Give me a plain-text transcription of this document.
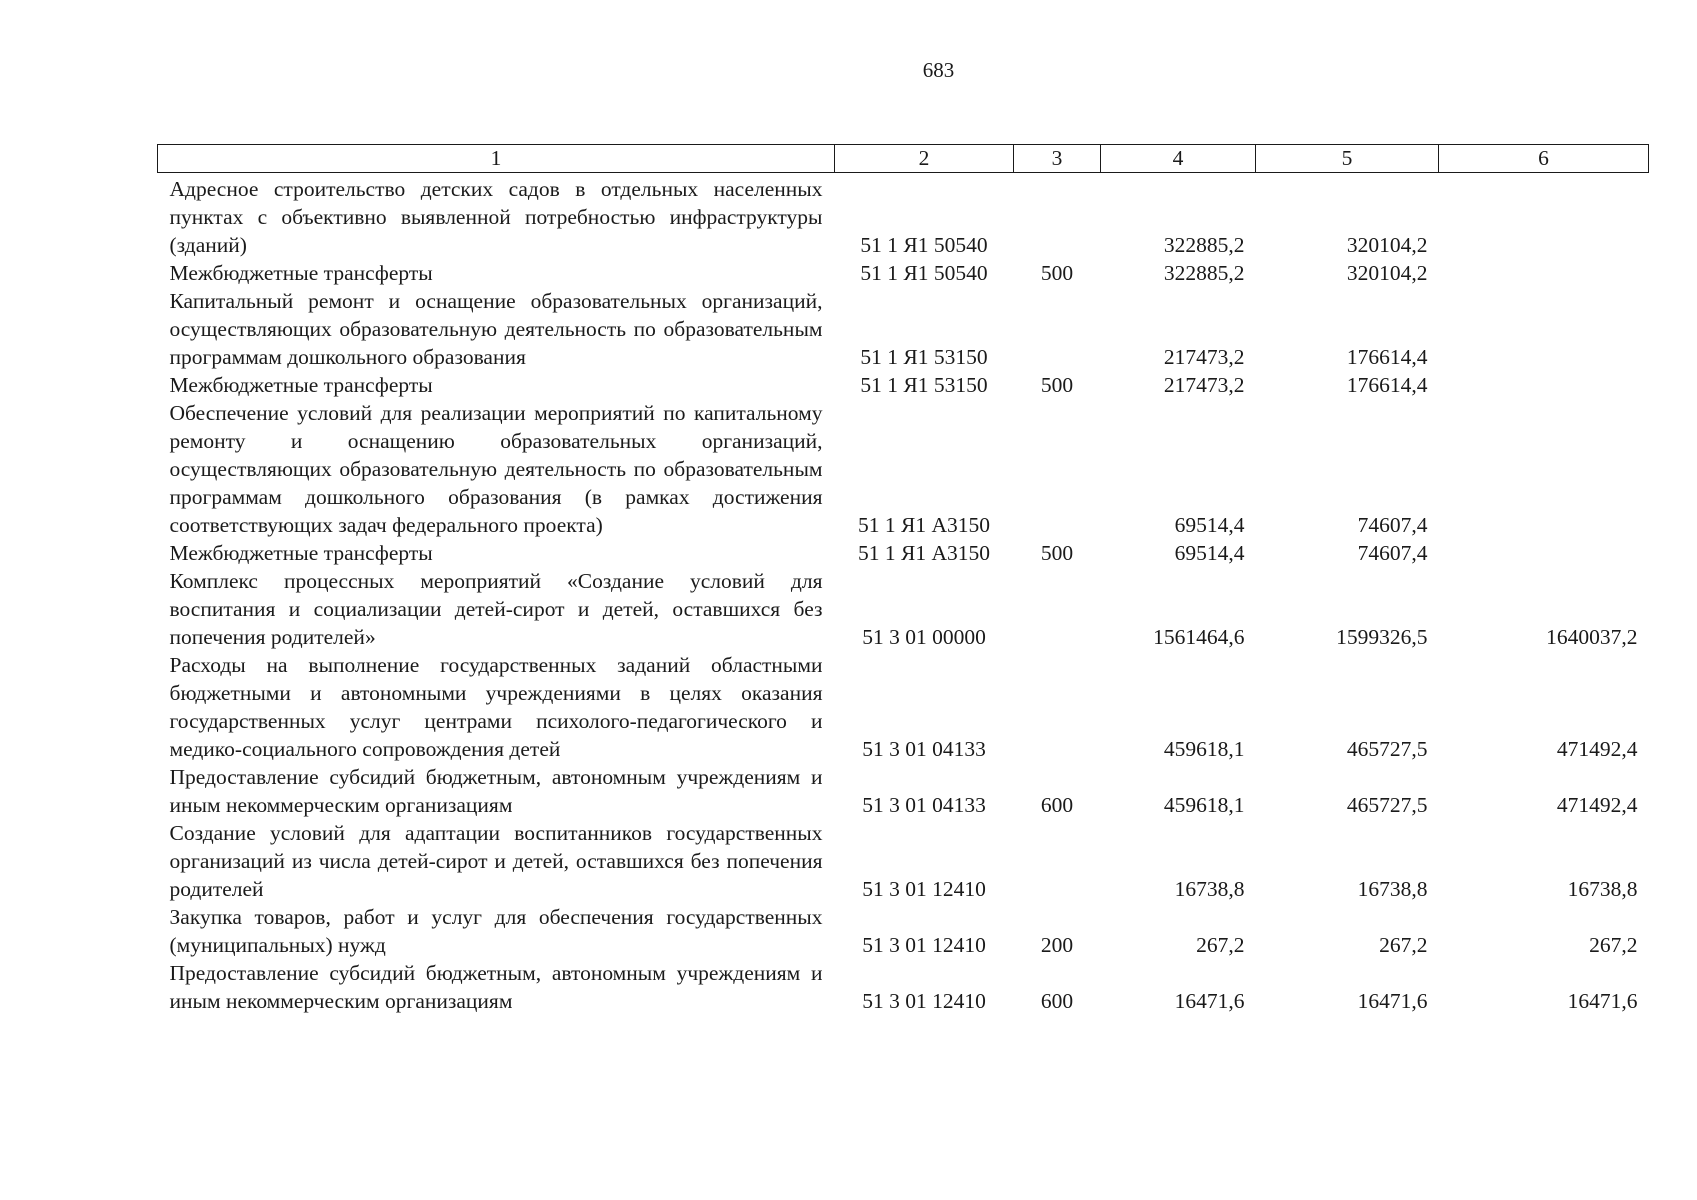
683
1	2	3	4	5	6
Адресное строительство детских садов в отдельных населенных пунктах с объективно выявленной потребностью инфраструктуры (зданий)	51 1 Я1 50540		322885,2	320104,2	
Межбюджетные трансферты	51 1 Я1 50540	500	322885,2	320104,2	
Капитальный ремонт и оснащение образовательных организаций, осуществляющих образовательную деятельность по образовательным программам дошкольного образования	51 1 Я1 53150		217473,2	176614,4	
Межбюджетные трансферты	51 1 Я1 53150	500	217473,2	176614,4	
Обеспечение условий для реализации мероприятий по капитальному ремонту и оснащению образовательных организаций, осуществляющих образовательную деятельность по образовательным программам дошкольного образования (в рамках достижения соответствующих задач федерального проекта)	51 1 Я1 А3150		69514,4	74607,4	
Межбюджетные трансферты	51 1 Я1 А3150	500	69514,4	74607,4	
Комплекс процессных мероприятий «Создание условий для воспитания и социализации детей-сирот и детей, оставшихся без попечения родителей»	51 3 01 00000		1561464,6	1599326,5	1640037,2
Расходы на выполнение государственных заданий областными бюджетными и автономными учреждениями в целях оказания государственных услуг центрами психолого-педагогического и медико-социального сопровождения детей	51 3 01 04133		459618,1	465727,5	471492,4
Предоставление субсидий бюджетным, автономным учреждениям и иным некоммерческим организациям	51 3 01 04133	600	459618,1	465727,5	471492,4
Создание условий для адаптации воспитанников государственных организаций из числа детей-сирот и детей, оставшихся без попечения родителей	51 3 01 12410		16738,8	16738,8	16738,8
Закупка товаров, работ и услуг для обеспечения государственных (муниципальных) нужд	51 3 01 12410	200	267,2	267,2	267,2
Предоставление субсидий бюджетным, автономным учреждениям и иным некоммерческим организациям	51 3 01 12410	600	16471,6	16471,6	16471,6
